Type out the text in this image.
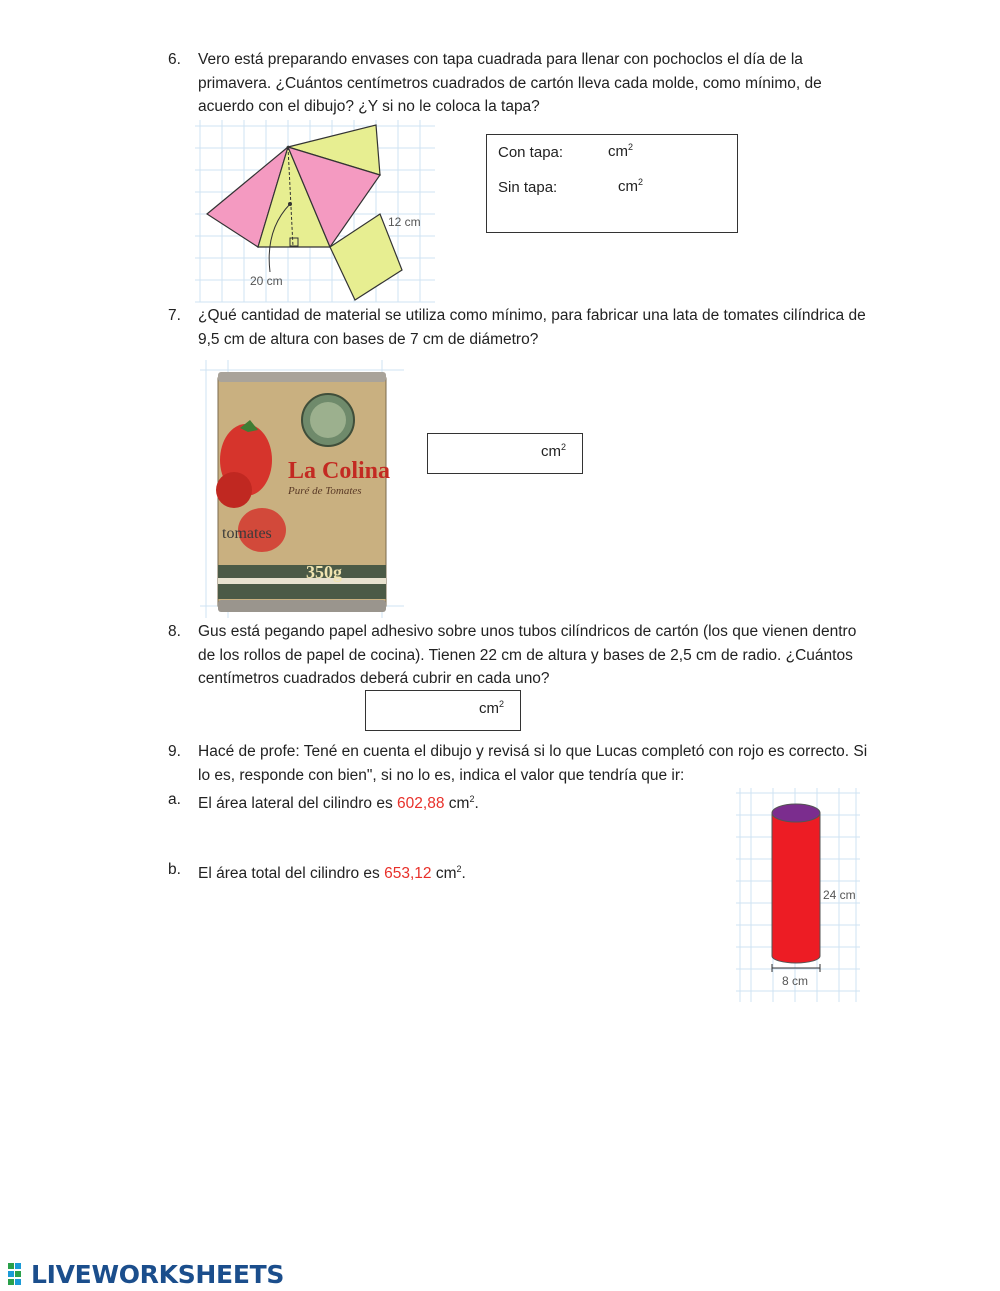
6.	Vero está preparando envases con tapa cuadrada para llenar con pochoclos el día de la primavera. ¿Cuántos centímetros cuadrados de cartón lleva cada molde, como mínimo, de acuerdo con el dibujo? ¿Y si no le coloca la tapa?
12 cm
20 cm
Con tapa:	$cm^2$
Sin tapa:	$cm^2$
7.	¿Qué cantidad de material se utiliza como mínimo, para fabricar una lata de tomates cilíndrica de 9,5 cm de altura con bases de 7 cm de diámetro?
La Colina
Puré de Tomates
tomates
350g
$cm^2$
8.	Gus está pegando papel adhesivo sobre unos tubos cilíndricos de cartón (los que vienen dentro de los rollos de papel de cocina). Tienen 22 cm de altura y bases de 2,5 cm de radio. ¿Cuántos centímetros cuadrados deberá cubrir en cada uno?
$cm^2$
9.	Hacé de profe: Tené en cuenta el dibujo y revisá si lo que Lucas completó con rojo es correcto. Si lo es, responde con bien", si no lo es, indica el valor que tendría que ir:
a.	El área lateral del cilindro es 602,88 $cm^2$.
b.	El área total del cilindro es 653,12 $cm^2$.
24 cm
8 cm
LIVEWORKSHEETS
